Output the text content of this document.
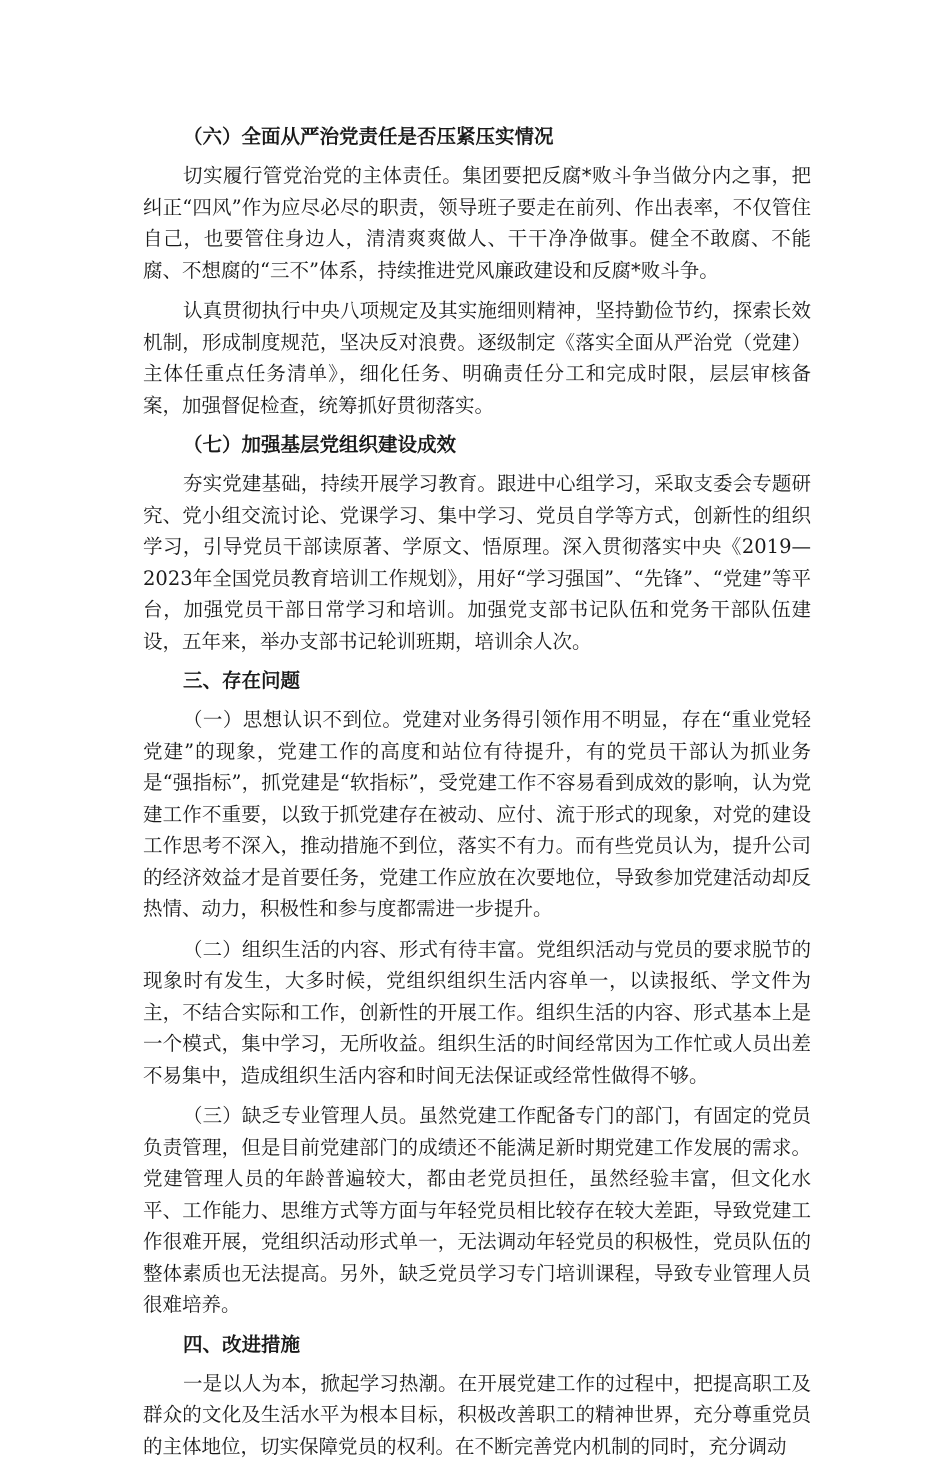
（六）全面从严治党责任是否压紧压实情况

切实履行管党治党的主体责任。集团要把反腐*败斗争当做分内之事，把纠正“四风”作为应尽必尽的职责，领导班子要走在前列、作出表率，不仅管住自己，也要管住身边人，清清爽爽做人、干干净净做事。健全不敢腐、不能腐、不想腐的“三不”体系，持续推进党风廉政建设和反腐*败斗争。

认真贯彻执行中央八项规定及其实施细则精神，坚持勤俭节约，探索长效机制，形成制度规范，坚决反对浪费。逐级制定《落实全面从严治党（党建）主体任重点任务清单》，细化任务、明确责任分工和完成时限，层层审核备案，加强督促检查，统筹抓好贯彻落实。

（七）加强基层党组织建设成效

夯实党建基础，持续开展学习教育。跟进中心组学习，采取支委会专题研究、党小组交流讨论、党课学习、集中学习、党员自学等方式，创新性的组织学习，引导党员干部读原著、学原文、悟原理。深入贯彻落实中央《2019—2023年全国党员教育培训工作规划》，用好“学习强国”、“先锋”、“党建”等平台，加强党员干部日常学习和培训。加强党支部书记队伍和党务干部队伍建设，五年来，举办支部书记轮训班期，培训余人次。

三、存在问题

（一）思想认识不到位。党建对业务得引领作用不明显，存在“重业党轻党建”的现象，党建工作的高度和站位有待提升，有的党员干部认为抓业务是“强指标”，抓党建是“软指标”，受党建工作不容易看到成效的影响，认为党建工作不重要，以致于抓党建存在被动、应付、流于形式的现象，对党的建设工作思考不深入，推动措施不到位，落实不有力。而有些党员认为，提升公司的经济效益才是首要任务，党建工作应放在次要地位，导致参加党建活动却反热情、动力，积极性和参与度都需进一步提升。

（二）组织生活的内容、形式有待丰富。党组织活动与党员的要求脱节的现象时有发生，大多时候，党组织组织生活内容单一，以读报纸、学文件为主，不结合实际和工作，创新性的开展工作。组织生活的内容、形式基本上是一个模式，集中学习，无所收益。组织生活的时间经常因为工作忙或人员出差不易集中，造成组织生活内容和时间无法保证或经常性做得不够。

（三）缺乏专业管理人员。虽然党建工作配备专门的部门，有固定的党员负责管理，但是目前党建部门的成绩还不能满足新时期党建工作发展的需求。党建管理人员的年龄普遍较大，都由老党员担任，虽然经验丰富，但文化水平、工作能力、思维方式等方面与年轻党员相比较存在较大差距，导致党建工作很难开展，党组织活动形式单一，无法调动年轻党员的积极性，党员队伍的整体素质也无法提高。另外，缺乏党员学习专门培训课程，导致专业管理人员很难培养。

四、改进措施

一是以人为本，掀起学习热潮。在开展党建工作的过程中，把提高职工及群众的文化及生活水平为根本目标，积极改善职工的精神世界，充分尊重党员的主体地位，切实保障党员的权利。在不断完善党内机制的同时，充分调动
